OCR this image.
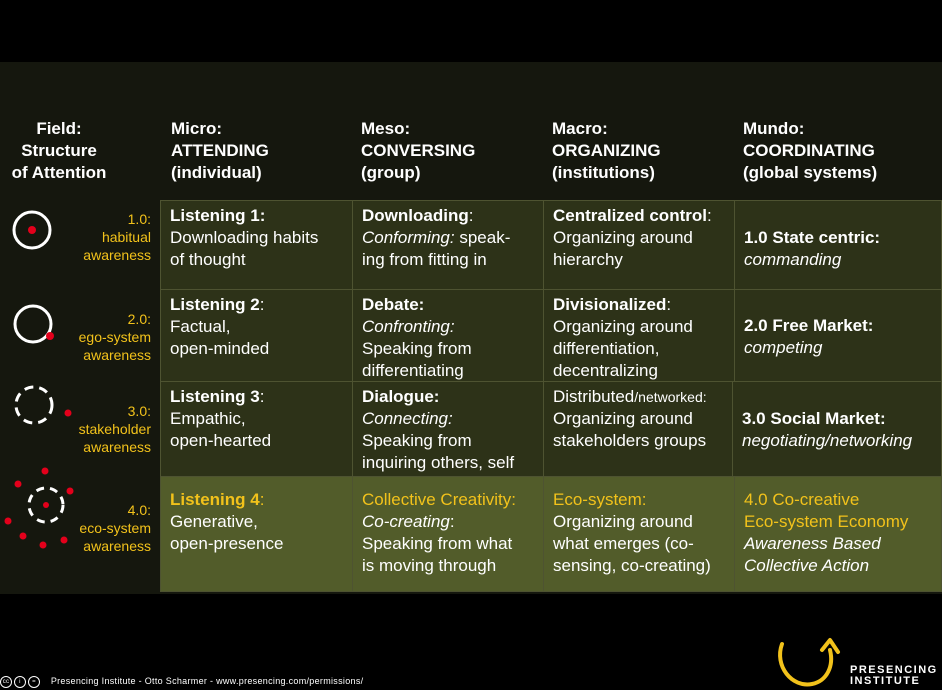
Field:
Structure
of Attention
Micro:
ATTENDING
(individual)
Meso:
CONVERSING
(group)
Macro:
ORGANIZING
(institutions)
Mundo:
COORDINATING
(global systems)
1.0:
habitual
awareness
2.0:
ego-system
awareness
3.0:
stakeholder
awareness
4.0:
eco-system
awareness
Listening 1:
Downloading habits
of thought
Downloading:
Conforming: speak-
ing from fitting in
Centralized control:
Organizing around
hierarchy
1.0 State centric:
commanding
Listening 2:
Factual,
open-minded
Debate:
Confronting:
Speaking from
differentiating
Divisionalized:
Organizing around
differentiation,
decentralizing
2.0 Free Market:
competing
Listening 3:
Empathic,
open-hearted
Dialogue:
Connecting:
Speaking from
inquiring others, self
Distributed/networked:
Organizing around
stakeholders groups
3.0 Social Market:
negotiating/networking
Listening 4:
Generative,
open-presence
Collective Creativity:
Co-creating:
Speaking from what
is moving through
Eco-system:
Organizing around
what emerges (co-
sensing, co-creating)
4.0 Co-creative
Eco-system Economy
Awareness Based
Collective Action
cc i = Presencing Institute - Otto Scharmer - www.presencing.com/permissions/
PRESENCING
INSTITUTE
